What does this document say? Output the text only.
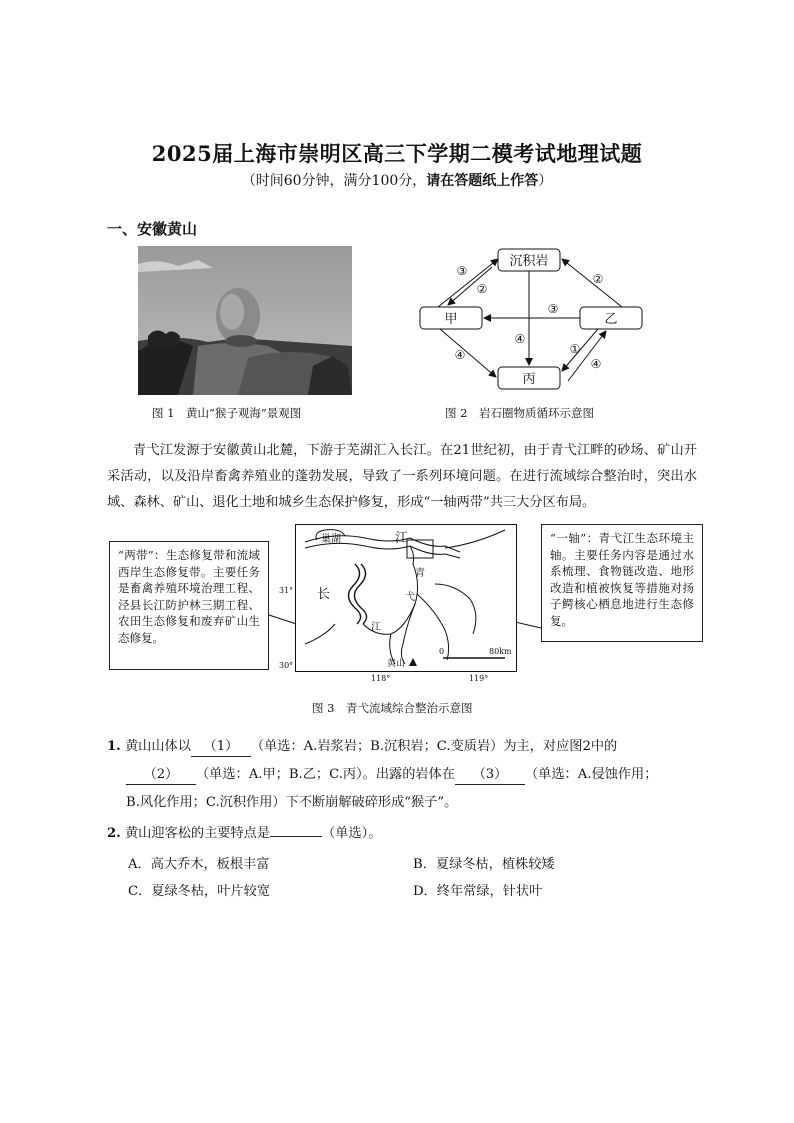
2025届上海市崇明区高三下学期二模考试地理试题
（时间60分钟，满分100分，请在答题纸上作答）
一、安徽黄山
图 1　黄山“猴子观海”景观图
沉积岩
甲	乙
丙
③
②
②
③
④
④	①
④
图 2　岩石圈物质循环示意图
青弋江发源于安徽黄山北麓，下游于芜湖汇入长江。在21世纪初，由于青弋江畔的砂场、矿山开采活动，以及沿岸畜禽养殖业的蓬勃发展，导致了一系列环境问题。在进行流域综合整治时，突出水域、森林、矿山、退化土地和城乡生态保护修复，形成“一轴两带”共三大分区布局。
巢湖	江
长
江
青
弋
黄山
0	80km
31°
30°
118°	119°
“两带”：生态修复带和流域西岸生态修复带。主要任务是畜禽养殖环境治理工程、泾县长江防护林三期工程、农田生态修复和废弃矿山生态修复。
“一轴”：青弋江生态环境主轴。主要任务内容是通过水系梳理、食物链改造、地形改造和植被恢复等措施对扬子鳄核心栖息地进行生态修复。
图 3　青弋流域综合整治示意图
1. 黄山山体以 （1） （单选：A.岩浆岩；B.沉积岩；C.变质岩）为主，对应图2中的
（2） （单选：A.甲；B.乙；C.丙）。出露的岩体在 （3） （单选：A.侵蚀作用；
B.风化作用；C.沉积作用）下不断崩解破碎形成“猴子”。
2. 黄山迎客松的主要特点是	（单选）。
A．高大乔木，板根丰富	B．夏绿冬枯，植株较矮
C．夏绿冬枯，叶片较宽	D．终年常绿，针状叶
